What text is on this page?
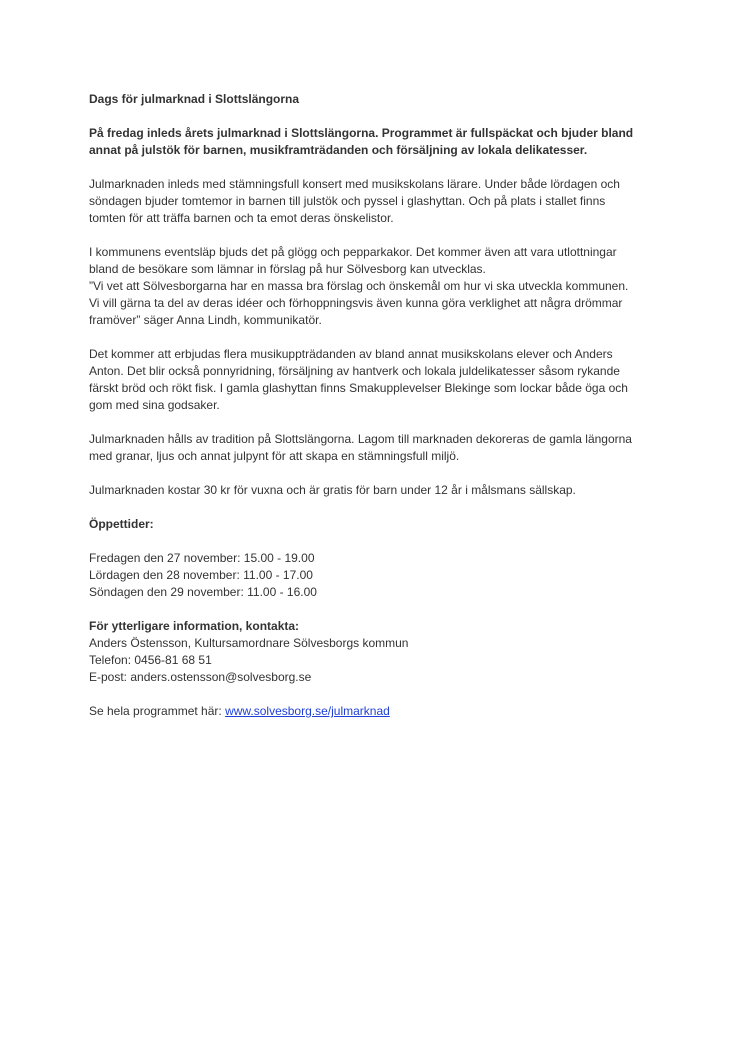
Dags för julmarknad i Slottslängorna
På fredag inleds årets julmarknad i Slottslängorna. Programmet är fullspäckat och bjuder bland
annat på julstök för barnen, musikframträdanden och försäljning av lokala delikatesser.
Julmarknaden inleds med stämningsfull konsert med musikskolans lärare. Under både lördagen och
söndagen bjuder tomtemor in barnen till julstök och pyssel i glashyttan. Och på plats i stallet finns
tomten för att träffa barnen och ta emot deras önskelistor.
I kommunens eventsläp bjuds det på glögg och pepparkakor. Det kommer även att vara utlottningar
bland de besökare som lämnar in förslag på hur Sölvesborg kan utvecklas.
”Vi vet att Sölvesborgarna har en massa bra förslag och önskemål om hur vi ska utveckla kommunen.
Vi vill gärna ta del av deras idéer och förhoppningsvis även kunna göra verklighet att några drömmar
framöver” säger Anna Lindh, kommunikatör.
Det kommer att erbjudas flera musikuppträdanden av bland annat musikskolans elever och Anders
Anton. Det blir också ponnyridning, försäljning av hantverk och lokala juldelikatesser såsom rykande
färskt bröd och rökt fisk. I gamla glashyttan finns Smakupplevelser Blekinge som lockar både öga och
gom med sina godsaker.
Julmarknaden hålls av tradition på Slottslängorna. Lagom till marknaden dekoreras de gamla längorna
med granar, ljus och annat julpynt för att skapa en stämningsfull miljö.
Julmarknaden kostar 30 kr för vuxna och är gratis för barn under 12 år i målsmans sällskap.
Öppettider:
Fredagen den 27 november: 15.00 - 19.00
Lördagen den 28 november: 11.00 - 17.00
Söndagen den 29 november: 11.00 - 16.00
För ytterligare information, kontakta:
Anders Östensson, Kultursamordnare Sölvesborgs kommun
Telefon: 0456-81 68 51
E-post: anders.ostensson@solvesborg.se
Se hela programmet här: www.solvesborg.se/julmarknad
